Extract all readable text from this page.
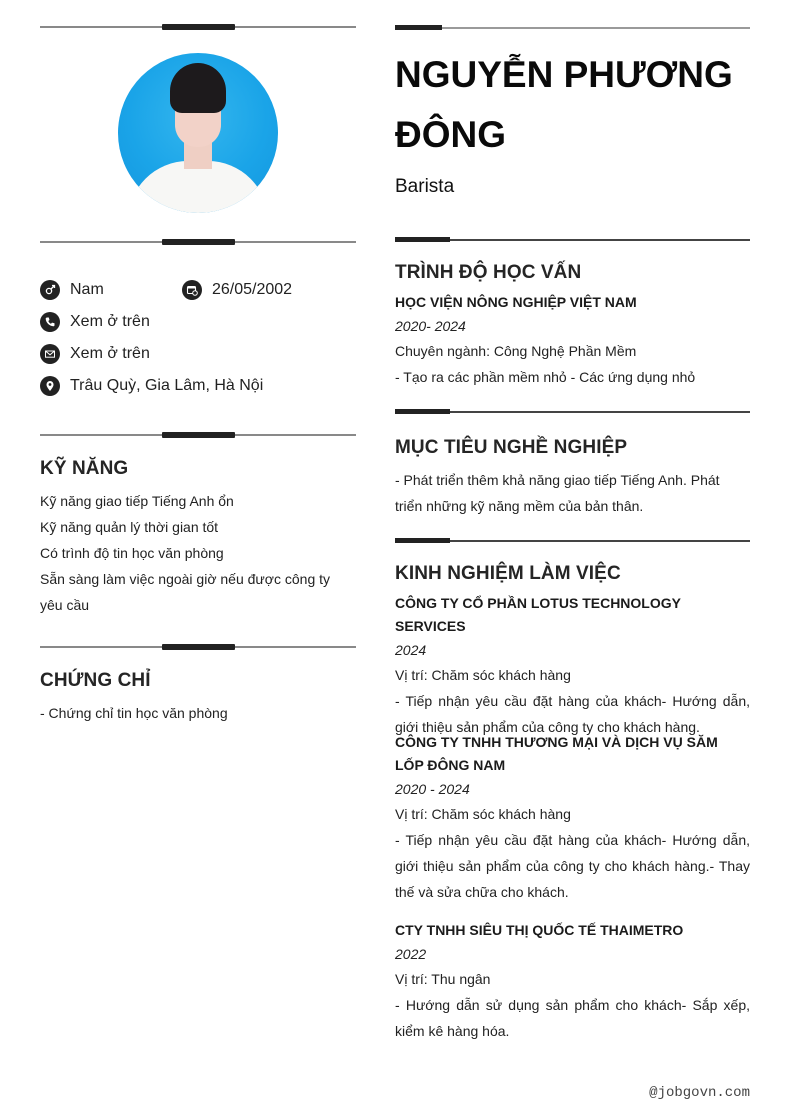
Nam	26/05/2002
Xem ở trên
Xem ở trên
Trâu Quỳ, Gia Lâm, Hà Nội
KỸ NĂNG
Kỹ năng giao tiếp Tiếng Anh ổn
Kỹ năng quản lý thời gian tốt
Có trình độ tin học văn phòng
Sẵn sàng làm việc ngoài giờ nếu được công ty yêu cầu
CHỨNG CHỈ
- Chứng chỉ tin học văn phòng
NGUYỄN PHƯƠNG ĐÔNG
Barista
TRÌNH ĐỘ HỌC VẤN
HỌC VIỆN NÔNG NGHIỆP VIỆT NAM
2020- 2024
Chuyên ngành: Công Nghệ Phần Mềm
- Tạo ra các phần mềm nhỏ - Các ứng dụng nhỏ
MỤC TIÊU NGHỀ NGHIỆP
- Phát triển thêm khả năng giao tiếp Tiếng Anh. Phát triển những kỹ năng mềm của bản thân.
KINH NGHIỆM LÀM VIỆC
CÔNG TY CỔ PHẦN LOTUS TECHNOLOGY SERVICES
2024
Vị trí: Chăm sóc khách hàng
- Tiếp nhận yêu cầu đặt hàng của khách- Hướng dẫn, giới thiệu sản phẩm của công ty cho khách hàng.
CÔNG TY TNHH THƯƠNG MẠI VÀ DỊCH VỤ SĂM LỐP ĐÔNG NAM
2020 - 2024
Vị trí: Chăm sóc khách hàng
- Tiếp nhận yêu cầu đặt hàng của khách- Hướng dẫn, giới thiệu sản phẩm của công ty cho khách hàng.- Thay thế và sửa chữa cho khách.
CTY TNHH SIÊU THỊ QUỐC TẾ THAIMETRO
2022
Vị trí: Thu ngân
- Hướng dẫn sử dụng sản phẩm cho khách- Sắp xếp, kiểm kê hàng hóa.
@jobgovn.com
